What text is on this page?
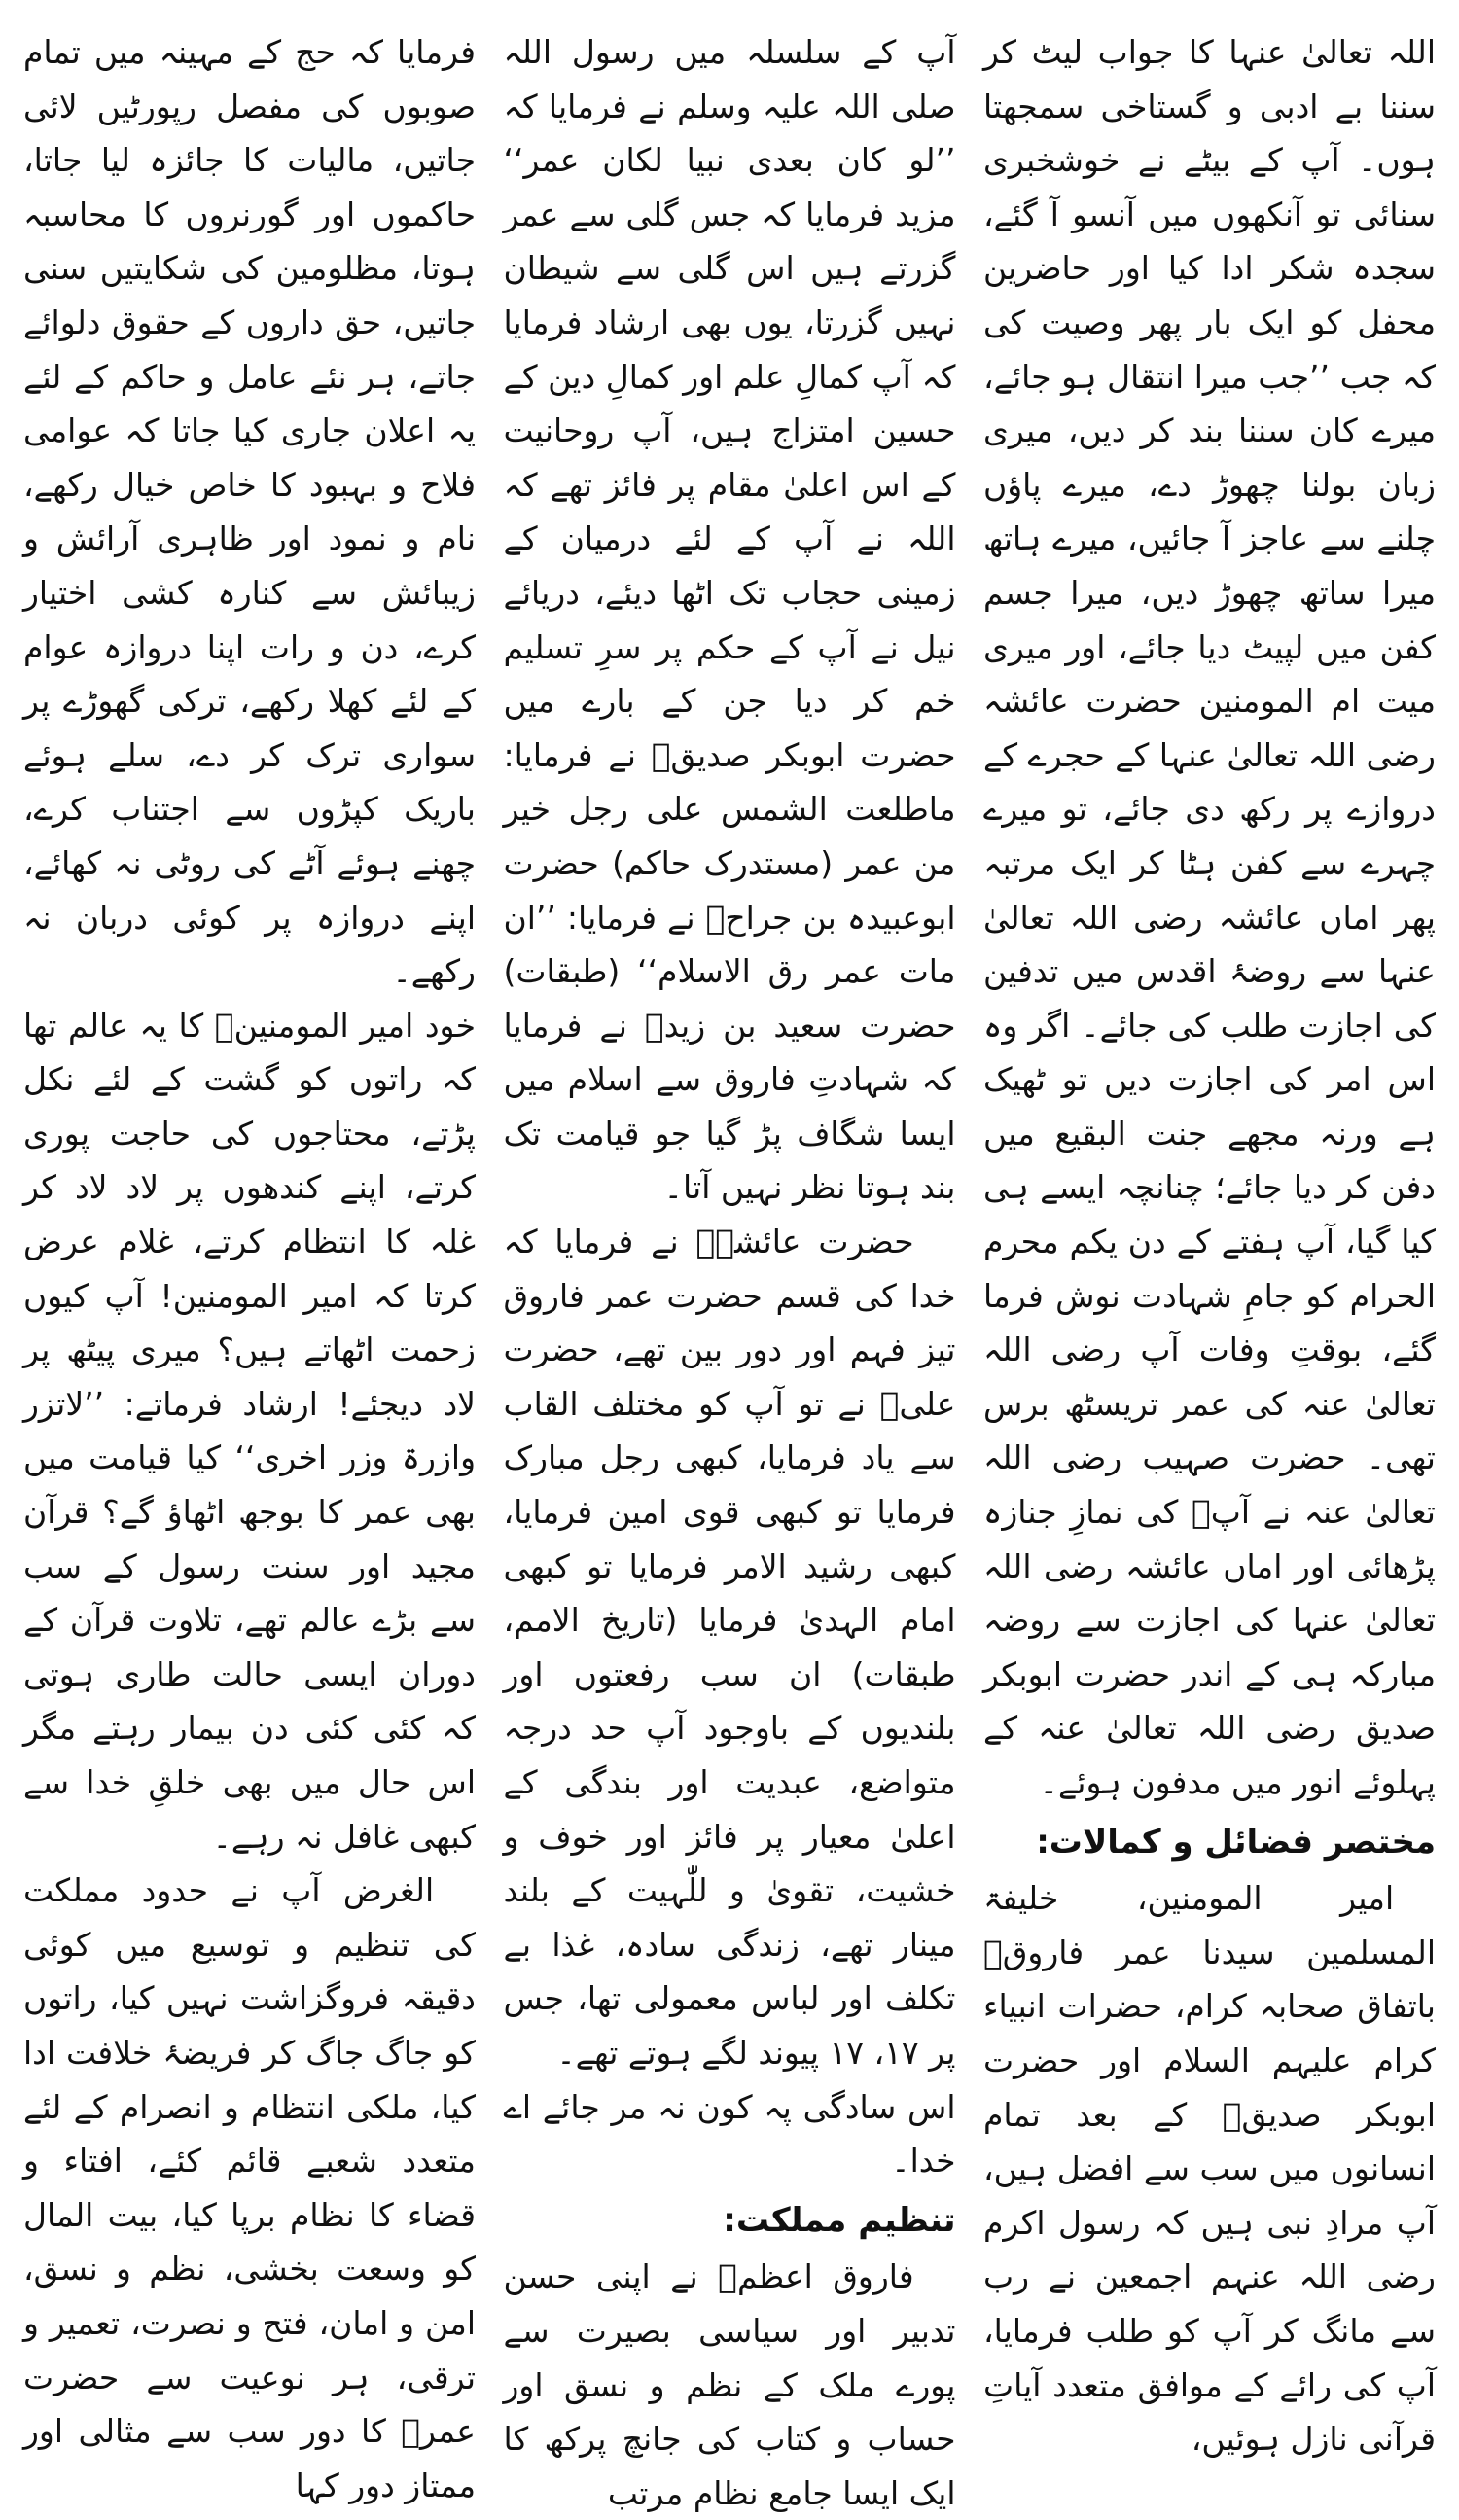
اللہ تعالیٰ عنہا کا جواب لیٹ کر سننا بے ادبی و گستاخی سمجھتا ہوں۔ آپ کے بیٹے نے خوشخبری سنائی تو آنکھوں میں آنسو آ گئے، سجدہ شکر ادا کیا اور حاضرین محفل کو ایک بار پھر وصیت کی کہ جب ’’جب میرا انتقال ہو جائے، میرے کان سننا بند کر دیں، میری زبان بولنا چھوڑ دے، میرے پاؤں چلنے سے عاجز آ جائیں، میرے ہاتھ میرا ساتھ چھوڑ دیں، میرا جسم کفن میں لپیٹ دیا جائے، اور میری میت ام المومنین حضرت عائشہ رضی اللہ تعالیٰ عنہا کے حجرے کے دروازے پر رکھ دی جائے، تو میرے چہرے سے کفن ہٹا کر ایک مرتبہ پھر اماں عائشہ رضی اللہ تعالیٰ عنہا سے روضۂ اقدس میں تدفین کی اجازت طلب کی جائے۔ اگر وہ اس امر کی اجازت دیں تو ٹھیک ہے ورنہ مجھے جنت البقیع میں دفن کر دیا جائے؛ چنانچہ ایسے ہی کیا گیا، آپ ہفتے کے دن یکم محرم الحرام کو جامِ شہادت نوش فرما گئے، بوقتِ وفات آپ رضی اللہ تعالیٰ عنہ کی عمر تریسٹھ برس تھی۔ حضرت صہیب رضی اللہ تعالیٰ عنہ نے آپؓ کی نمازِ جنازہ پڑھائی اور اماں عائشہ رضی اللہ تعالیٰ عنہا کی اجازت سے روضہ مبارکہ ہی کے اندر حضرت ابوبکر صدیق رضی اللہ تعالیٰ عنہ کے پہلوئے انور میں مدفون ہوئے۔

مختصر فضائل و کمالات:

امیر المومنین، خلیفۃ المسلمین سیدنا عمر فاروقؓ باتفاق صحابہ کرام، حضرات انبیاء کرام علیہم السلام اور حضرت ابوبکر صدیقؓ کے بعد تمام انسانوں میں سب سے افضل ہیں، آپ مرادِ نبی ہیں کہ رسول اکرم رضی اللہ عنہم اجمعین نے رب سے مانگ کر آپ کو طلب فرمایا، آپ کی رائے کے موافق متعدد آیاتِ قرآنی نازل ہوئیں،

آپ کے سلسلہ میں رسول اللہ صلی اللہ علیہ وسلم نے فرمایا کہ ’’لو کان بعدی نبیا لکان عمر‘‘ مزید فرمایا کہ جس گلی سے عمر گزرتے ہیں اس گلی سے شیطان نہیں گزرتا، یوں بھی ارشاد فرمایا کہ آپ کمالِ علم اور کمالِ دین کے حسین امتزاج ہیں، آپ روحانیت کے اس اعلیٰ مقام پر فائز تھے کہ اللہ نے آپ کے لئے درمیان کے زمینی حجاب تک اٹھا دیئے، دریائے نیل نے آپ کے حکم پر سرِ تسلیم خم کر دیا جن کے بارے میں حضرت ابوبکر صدیقؓ نے فرمایا: ماطلعت الشمس علی رجل خیر من عمر (مستدرک حاکم) حضرت ابوعبیدہ بن جراحؓ نے فرمایا: ’’ان مات عمر رق الاسلام‘‘ (طبقات) حضرت سعید بن زیدؓ نے فرمایا کہ شہادتِ فاروق سے اسلام میں ایسا شگاف پڑ گیا جو قیامت تک بند ہوتا نظر نہیں آتا۔

حضرت عائشہؓ نے فرمایا کہ خدا کی قسم حضرت عمر فاروق تیز فہم اور دور بین تھے، حضرت علیؓ نے تو آپ کو مختلف القاب سے یاد فرمایا، کبھی رجل مبارک فرمایا تو کبھی قوی امین فرمایا، کبھی رشید الامر فرمایا تو کبھی امام الہدیٰ فرمایا (تاریخ الامم، طبقات) ان سب رفعتوں اور بلندیوں کے باوجود آپ حد درجہ متواضع، عبدیت اور بندگی کے اعلیٰ معیار پر فائز اور خوف و خشیت، تقویٰ و للّٰہیت کے بلند مینار تھے، زندگی سادہ، غذا بے تکلف اور لباس معمولی تھا، جس پر ۱۷، ۱۷ پیوند لگے ہوتے تھے۔

اس سادگی پہ کون نہ مر جائے اے خدا۔

تنظیم مملکت:

فاروق اعظمؓ نے اپنی حسن تدبیر اور سیاسی بصیرت سے پورے ملک کے نظم و نسق اور حساب و کتاب کی جانچ پرکھ کا ایک ایسا جامع نظام مرتب

فرمایا کہ حج کے مہینہ میں تمام صوبوں کی مفصل رپورٹیں لائی جاتیں، مالیات کا جائزہ لیا جاتا، حاکموں اور گورنروں کا محاسبہ ہوتا، مظلومین کی شکایتیں سنی جاتیں، حق داروں کے حقوق دلوائے جاتے، ہر نئے عامل و حاکم کے لئے یہ اعلان جاری کیا جاتا کہ عوامی فلاح و بہبود کا خاص خیال رکھے، نام و نمود اور ظاہری آرائش و زیبائش سے کنارہ کشی اختیار کرے، دن و رات اپنا دروازہ عوام کے لئے کھلا رکھے، ترکی گھوڑے پر سواری ترک کر دے، سلے ہوئے باریک کپڑوں سے اجتناب کرے، چھنے ہوئے آٹے کی روٹی نہ کھائے، اپنے دروازہ پر کوئی دربان نہ رکھے۔

خود امیر المومنینؓ کا یہ عالم تھا کہ راتوں کو گشت کے لئے نکل پڑتے، محتاجوں کی حاجت پوری کرتے، اپنے کندھوں پر لاد لاد کر غلہ کا انتظام کرتے، غلام عرض کرتا کہ امیر المومنین! آپ کیوں زحمت اٹھاتے ہیں؟ میری پیٹھ پر لاد دیجئے! ارشاد فرماتے: ’’لاتزر وازرۃ وزر اخری‘‘ کیا قیامت میں بھی عمر کا بوجھ اٹھاؤ گے؟ قرآن مجید اور سنت رسول کے سب سے بڑے عالم تھے، تلاوت قرآن کے دوران ایسی حالت طاری ہوتی کہ کئی کئی دن بیمار رہتے مگر اس حال میں بھی خلقِ خدا سے کبھی غافل نہ رہے۔

الغرض آپ نے حدود مملکت کی تنظیم و توسیع میں کوئی دقیقہ فروگزاشت نہیں کیا، راتوں کو جاگ جاگ کر فریضۂ خلافت ادا کیا، ملکی انتظام و انصرام کے لئے متعدد شعبے قائم کئے، افتاء و قضاء کا نظام برپا کیا، بیت المال کو وسعت بخشی، نظم و نسق، امن و امان، فتح و نصرت، تعمیر و ترقی، ہر نوعیت سے حضرت عمرؓ کا دور سب سے مثالی اور ممتاز دور کہا
